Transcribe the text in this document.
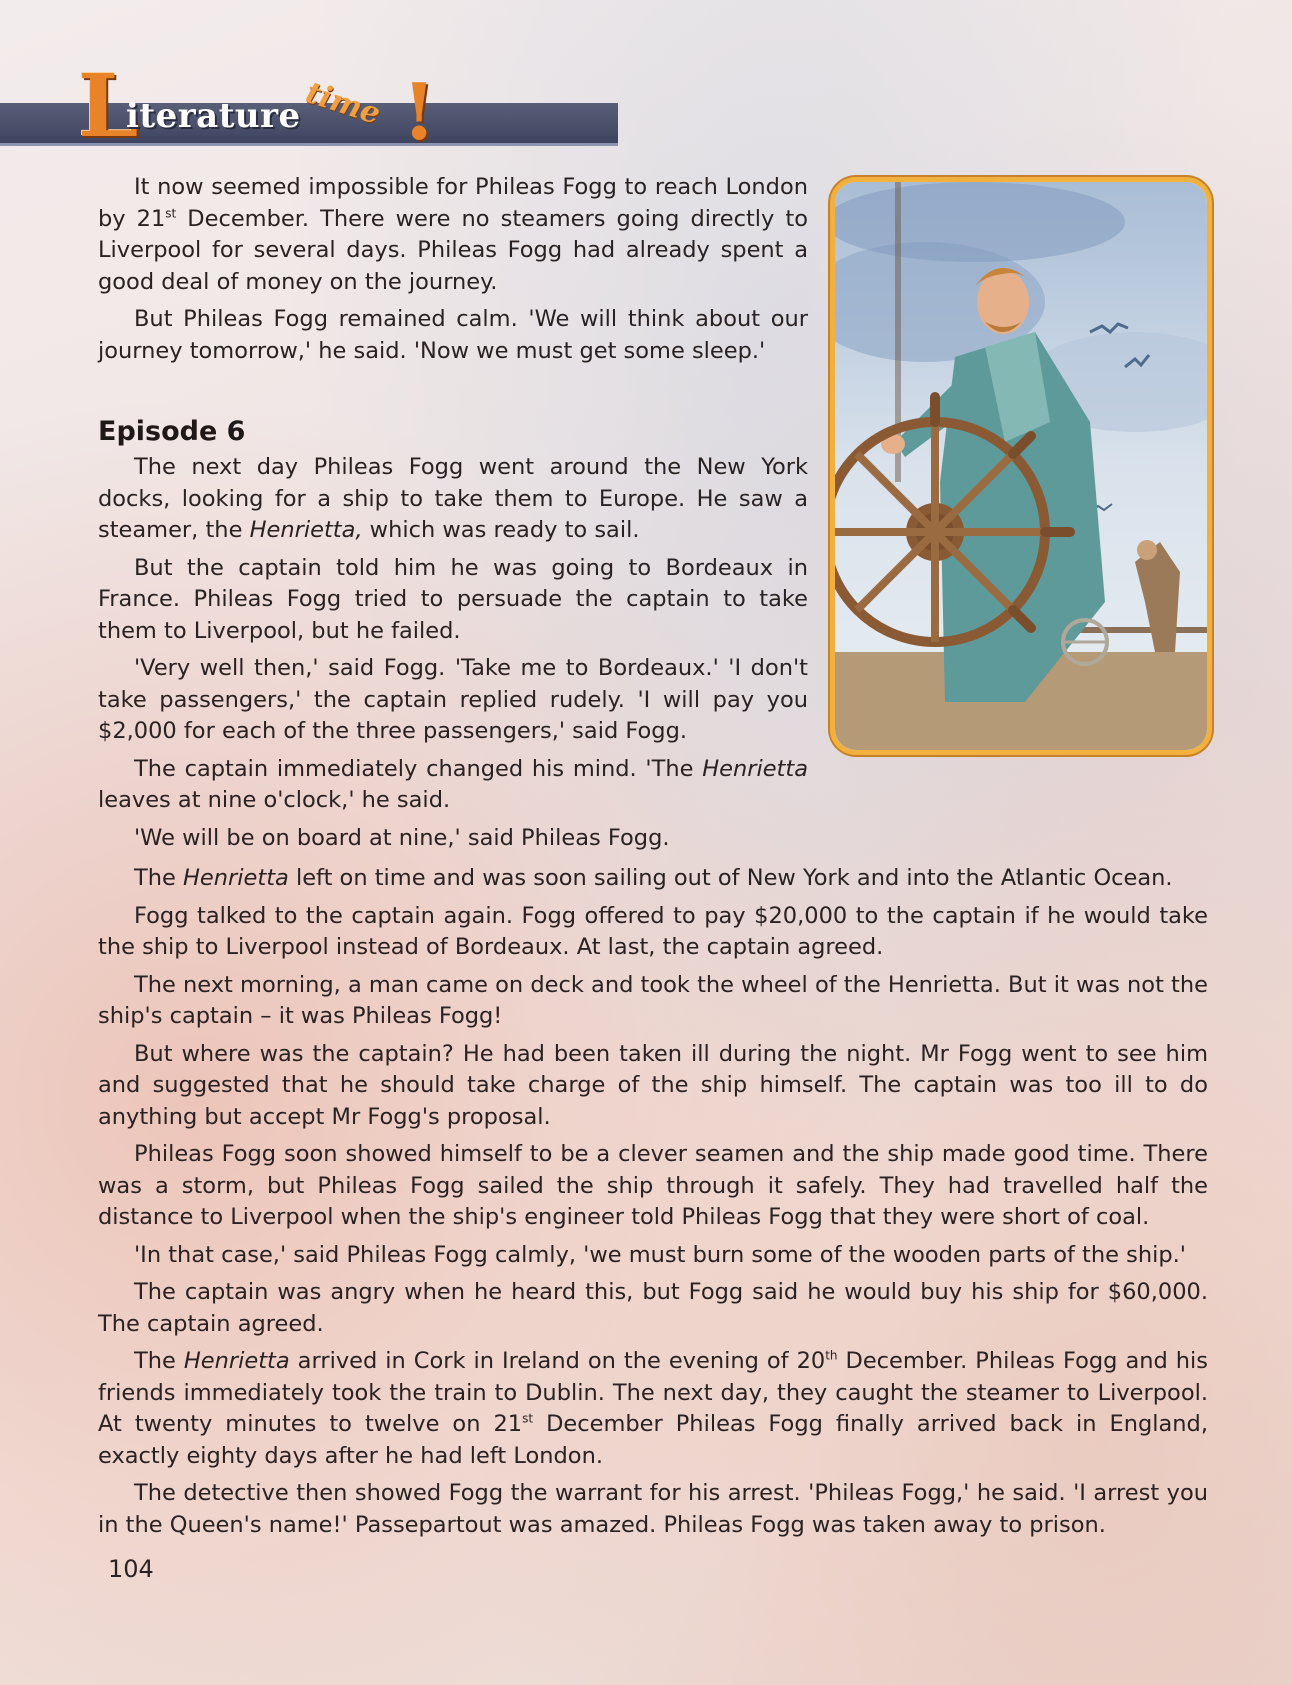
L
iterature time !

It now seemed impossible for Phileas Fogg to reach London by 21st December. There were no steamers going directly to Liverpool for several days. Phileas Fogg had already spent a good deal of money on the journey.

But Phileas Fogg remained calm. 'We will think about our journey tomorrow,' he said. 'Now we must get some sleep.'

Episode 6

The next day Phileas Fogg went around the New York docks, looking for a ship to take them to Europe. He saw a steamer, the Henrietta, which was ready to sail.

But the captain told him he was going to Bordeaux in France. Phileas Fogg tried to persuade the captain to take them to Liverpool, but he failed.

'Very well then,' said Fogg. 'Take me to Bordeaux.' 'I don't take passengers,' the captain replied rudely. 'I will pay you $2,000 for each of the three passengers,' said Fogg.

The captain immediately changed his mind. 'The Henrietta leaves at nine o'clock,' he said.

'We will be on board at nine,' said Phileas Fogg.

The Henrietta left on time and was soon sailing out of New York and into the Atlantic Ocean.

Fogg talked to the captain again. Fogg offered to pay $20,000 to the captain if he would take the ship to Liverpool instead of Bordeaux. At last, the captain agreed.

The next morning, a man came on deck and took the wheel of the Henrietta. But it was not the ship's captain – it was Phileas Fogg!

But where was the captain? He had been taken ill during the night. Mr Fogg went to see him and suggested that he should take charge of the ship himself. The captain was too ill to do anything but accept Mr Fogg's proposal.

Phileas Fogg soon showed himself to be a clever seamen and the ship made good time. There was a storm, but Phileas Fogg sailed the ship through it safely. They had travelled half the distance to Liverpool when the ship's engineer told Phileas Fogg that they were short of coal.

'In that case,' said Phileas Fogg calmly, 'we must burn some of the wooden parts of the ship.'

The captain was angry when he heard this, but Fogg said he would buy his ship for $60,000. The captain agreed.

The Henrietta arrived in Cork in Ireland on the evening of 20th December. Phileas Fogg and his friends immediately took the train to Dublin. The next day, they caught the steamer to Liverpool. At twenty minutes to twelve on 21st December Phileas Fogg finally arrived back in England, exactly eighty days after he had left London.

The detective then showed Fogg the warrant for his arrest. 'Phileas Fogg,' he said. 'I arrest you in the Queen's name!' Passepartout was amazed. Phileas Fogg was taken away to prison.

104
